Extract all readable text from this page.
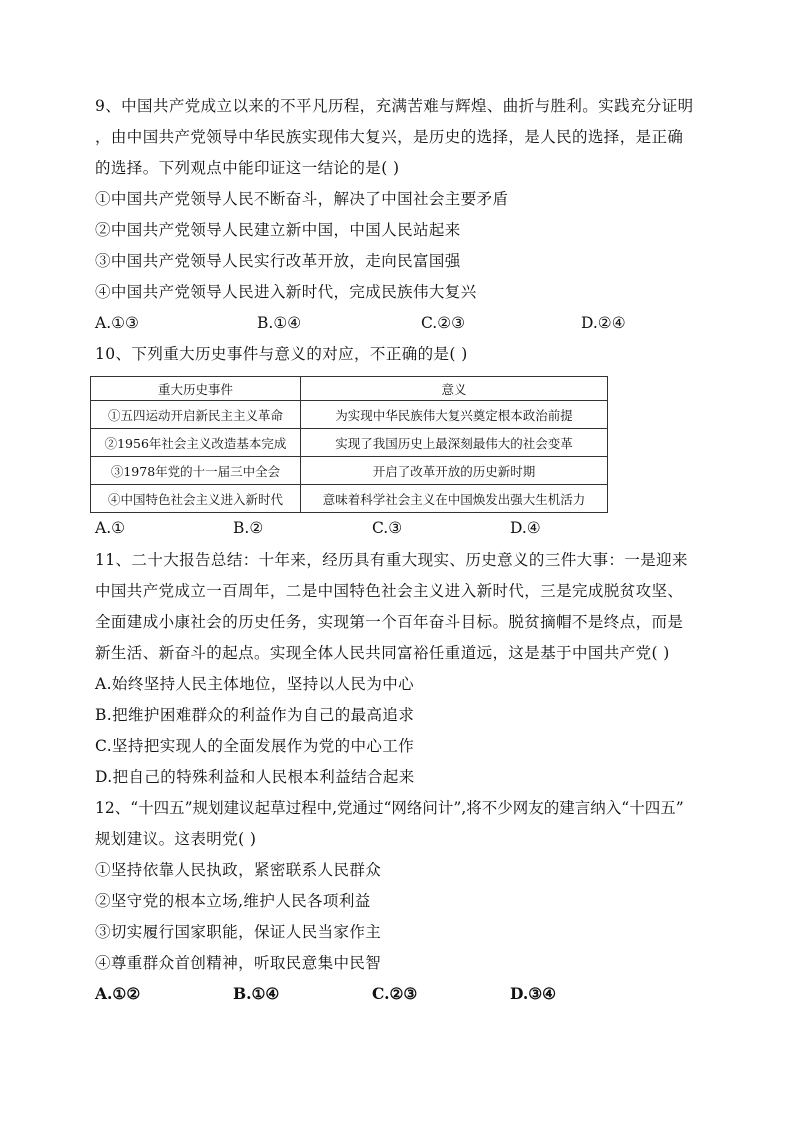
9、中国共产党成立以来的不平凡历程，充满苦难与辉煌、曲折与胜利。实践充分证明
，由中国共产党领导中华民族实现伟大复兴，是历史的选择，是人民的选择，是正确
的选择。下列观点中能印证这一结论的是( )
①中国共产党领导人民不断奋斗，解决了中国社会主要矛盾
②中国共产党领导人民建立新中国，中国人民站起来
③中国共产党领导人民实行改革开放，走向民富国强
④中国共产党领导人民进入新时代，完成民族伟大复兴
A.①③	B.①④	C.②③	D.②④
10、下列重大历史事件与意义的对应，不正确的是( )
重大历史事件	意义
①五四运动开启新民主主义革命	为实现中华民族伟大复兴奠定根本政治前提
②1956年社会主义改造基本完成	实现了我国历史上最深刻最伟大的社会变革
③1978年党的十一届三中全会	开启了改革开放的历史新时期
④中国特色社会主义进入新时代	意味着科学社会主义在中国焕发出强大生机活力
A.①	B.②	C.③	D.④
11、二十大报告总结：十年来，经历具有重大现实、历史意义的三件大事：一是迎来
中国共产党成立一百周年，二是中国特色社会主义进入新时代，三是完成脱贫攻坚、
全面建成小康社会的历史任务，实现第一个百年奋斗目标。脱贫摘帽不是终点，而是
新生活、新奋斗的起点。实现全体人民共同富裕任重道远，这是基于中国共产党( )
A.始终坚持人民主体地位，坚持以人民为中心
B.把维护困难群众的利益作为自己的最高追求
C.坚持把实现人的全面发展作为党的中心工作
D.把自己的特殊利益和人民根本利益结合起来
12、“十四五”规划建议起草过程中,党通过“网络问计”,将不少网友的建言纳入“十四五”
规划建议。这表明党( )
①坚持依靠人民执政，紧密联系人民群众
②坚守党的根本立场,维护人民各项利益
③切实履行国家职能，保证人民当家作主
④尊重群众首创精神，听取民意集中民智
A.①②	B.①④	C.②③	D.③④
